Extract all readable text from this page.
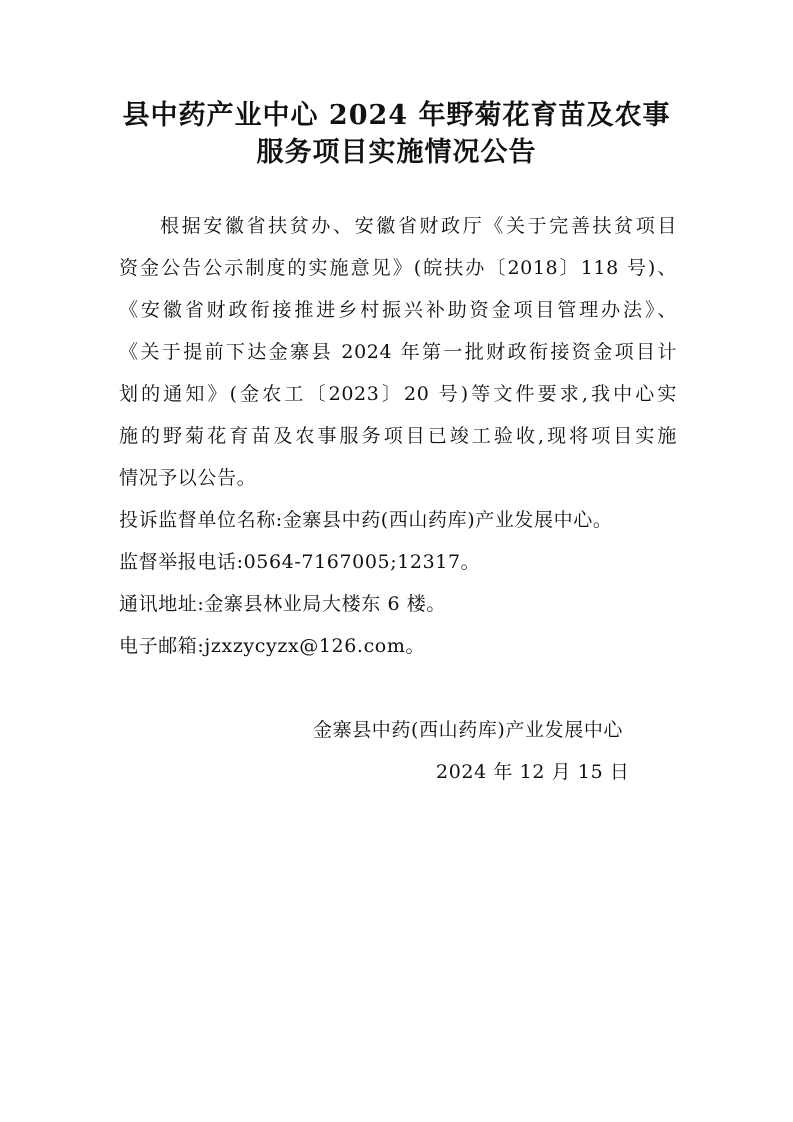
县中药产业中心 2024 年野菊花育苗及农事
服务项目实施情况公告
根据安徽省扶贫办、安徽省财政厅《关于完善扶贫项目
资金公告公示制度的实施意见》(皖扶办〔2018〕118 号)、
《安徽省财政衔接推进乡村振兴补助资金项目管理办法》、
《关于提前下达金寨县 2024 年第一批财政衔接资金项目计
划的通知》(金农工〔2023〕20 号)等文件要求,我中心实
施的野菊花育苗及农事服务项目已竣工验收,现将项目实施
情况予以公告。
投诉监督单位名称:金寨县中药(西山药库)产业发展中心。
监督举报电话:0564-7167005;12317。
通讯地址:金寨县林业局大楼东 6 楼。
电子邮箱:jzxzycyzx@126.com。
金寨县中药(西山药库)产业发展中心
2024 年 12 月 15 日
